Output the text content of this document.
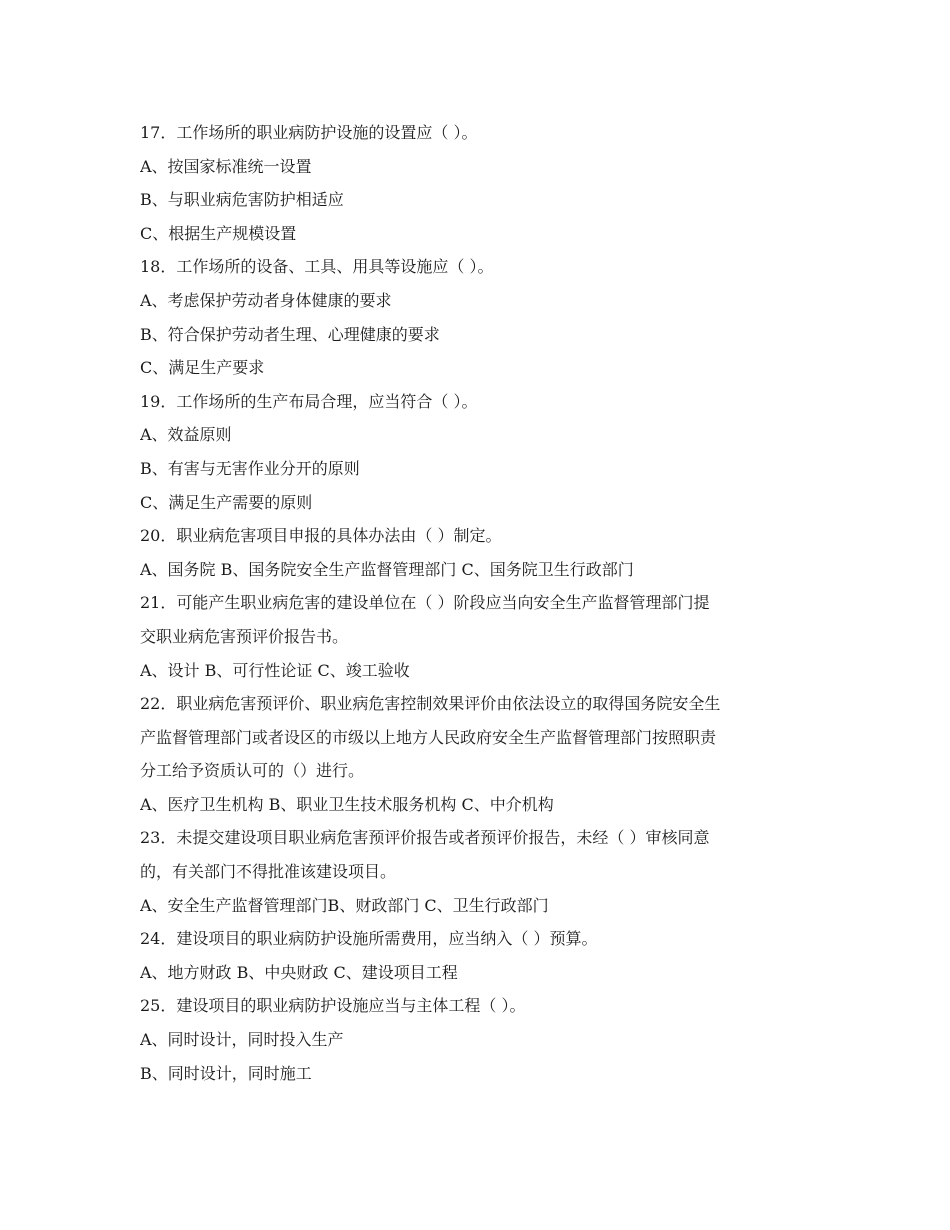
17．工作场所的职业病防护设施的设置应（ ）。
A、按国家标准统一设置
B、与职业病危害防护相适应
C、根据生产规模设置
18．工作场所的设备、工具、用具等设施应（ ）。
A、考虑保护劳动者身体健康的要求
B、符合保护劳动者生理、心理健康的要求
C、满足生产要求
19．工作场所的生产布局合理，应当符合（ ）。
A、效益原则
B、有害与无害作业分开的原则
C、满足生产需要的原则
20．职业病危害项目申报的具体办法由（ ）制定。
A、国务院 B、国务院安全生产监督管理部门 C、国务院卫生行政部门
21．可能产生职业病危害的建设单位在（ ）阶段应当向安全生产监督管理部门提
交职业病危害预评价报告书。
A、设计 B、可行性论证 C、竣工验收
22．职业病危害预评价、职业病危害控制效果评价由依法设立的取得国务院安全生
产监督管理部门或者设区的市级以上地方人民政府安全生产监督管理部门按照职责
分工给予资质认可的（）进行。
A、医疗卫生机构 B、职业卫生技术服务机构 C、中介机构
23．未提交建设项目职业病危害预评价报告或者预评价报告，未经（ ）审核同意
的，有关部门不得批准该建设项目。
A、安全生产监督管理部门B、财政部门 C、卫生行政部门
24．建设项目的职业病防护设施所需费用，应当纳入（ ）预算。
A、地方财政 B、中央财政 C、建设项目工程
25．建设项目的职业病防护设施应当与主体工程（ ）。
A、同时设计，同时投入生产
B、同时设计，同时施工
